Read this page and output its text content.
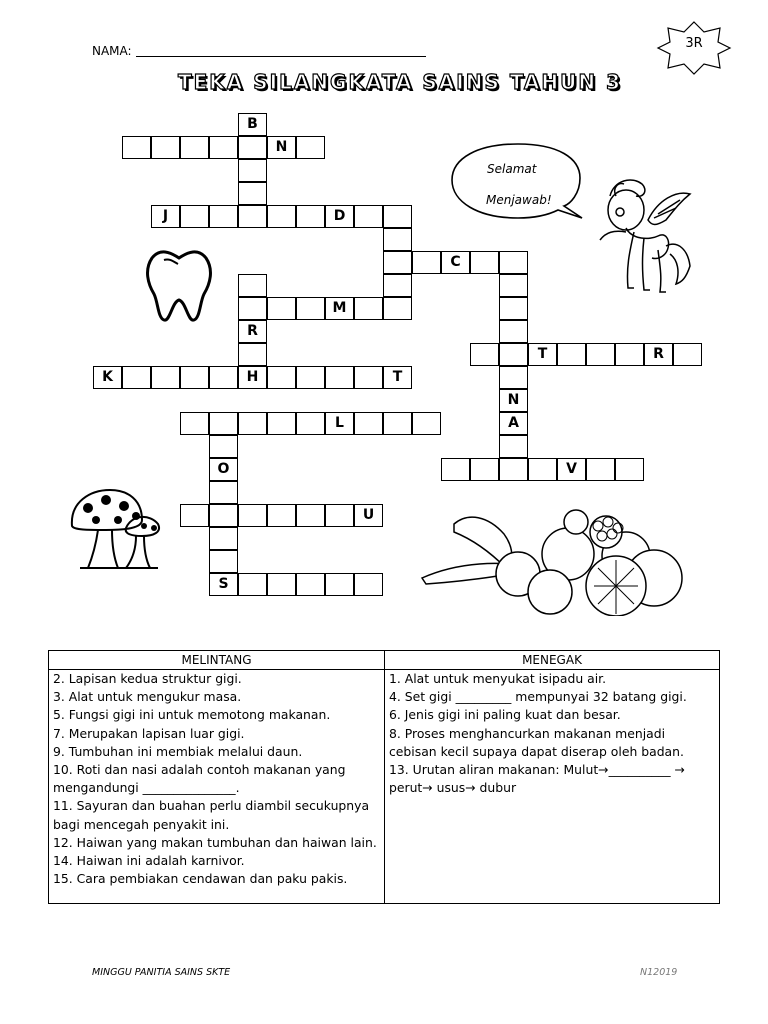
NAMA:	3R
TEKA SILANGKATA SAINS TAHUN 3
B
N
J	D
C
M
R
T	R
K	H	T
N
L	A
O	V
U
S
Selamat
Menjawab!
MELINTANG
2. Lapisan kedua struktur gigi.
3. Alat untuk mengukur masa.
5. Fungsi gigi ini untuk memotong makanan.
7. Merupakan lapisan luar gigi.
9. Tumbuhan ini membiak melalui daun.
10. Roti dan nasi adalah contoh makanan yang mengandungi _______________.
11. Sayuran dan buahan perlu diambil secukupnya bagi mencegah penyakit ini.
12. Haiwan yang makan tumbuhan dan haiwan lain.
14. Haiwan ini adalah karnivor.
15. Cara pembiakan cendawan dan paku pakis.
MENEGAK
1. Alat untuk menyukat isipadu air.
4. Set gigi _________ mempunyai 32 batang gigi.
6. Jenis gigi ini paling kuat dan besar.
8. Proses menghancurkan makanan menjadi cebisan kecil supaya dapat diserap oleh badan.
13. Urutan aliran makanan: Mulut→__________ → perut→ usus→ dubur
MINGGU PANITIA SAINS SKTE	N12019
